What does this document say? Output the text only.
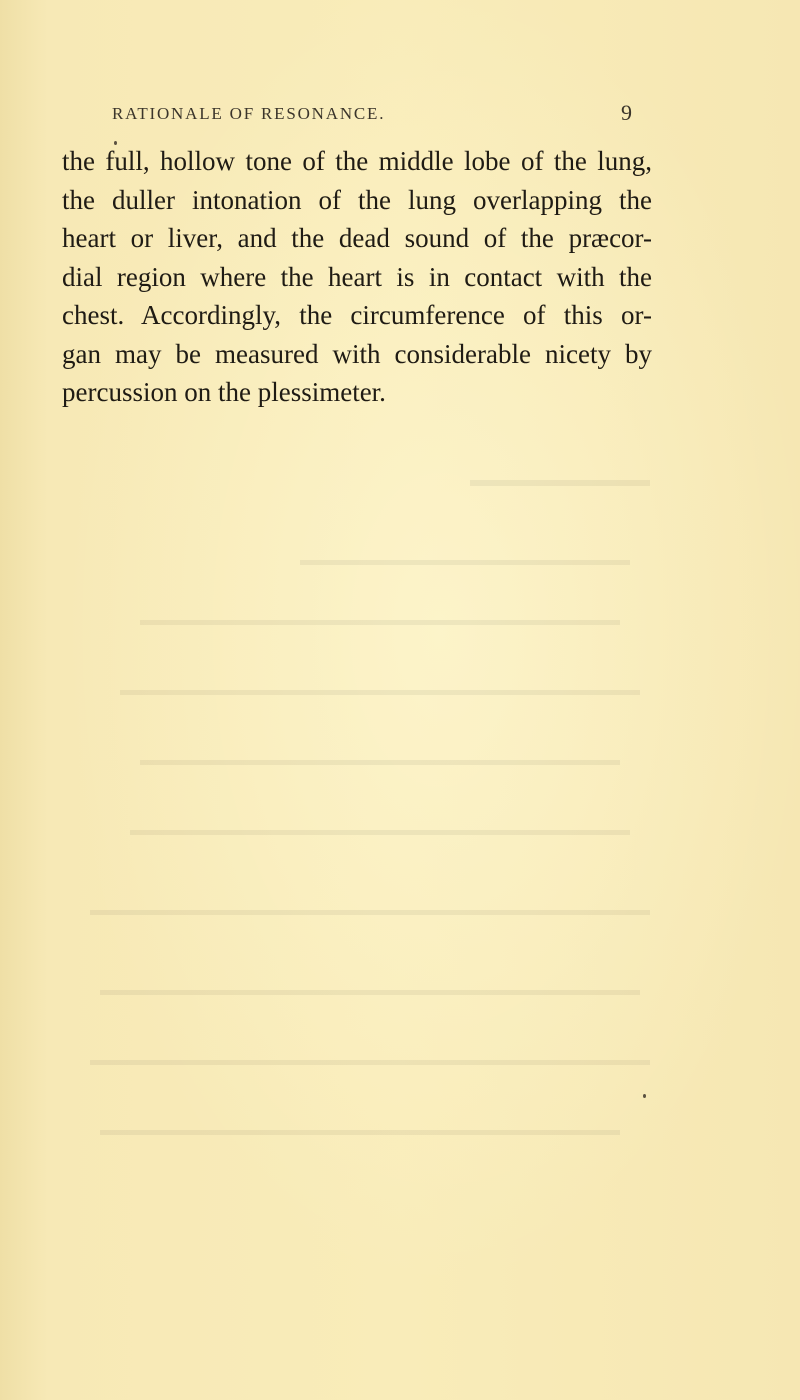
RATIONALE OF RESONANCE.	9
the full, hollow tone of the middle lobe of the lung,
the duller intonation of the lung overlapping the
heart or liver, and the dead sound of the præcor-
dial region where the heart is in contact with the
chest. Accordingly, the circumference of this or-
gan may be measured with considerable nicety by
percussion on the plessimeter.
